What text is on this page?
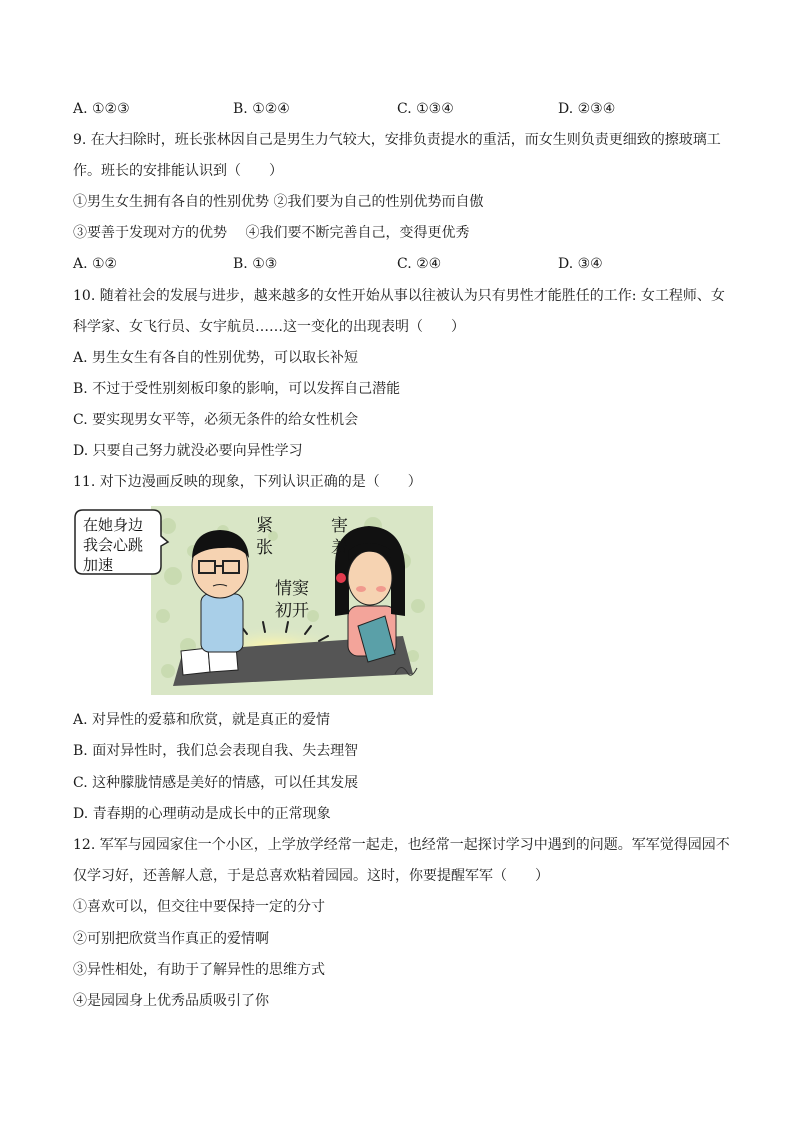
A. ①②③	B. ①②④	C. ①③④	D. ②③④
9. 在大扫除时，班长张林因自己是男生力气较大，安排负责提水的重活，而女生则负责更细致的擦玻璃工
作。班长的安排能认识到（　　）
①男生女生拥有各自的性别优势 ②我们要为自己的性别优势而自傲
③要善于发现对方的优势　 ④我们要不断完善自己，变得更优秀
A. ①②	B. ①③	C. ②④	D. ③④
10. 随着社会的发展与进步，越来越多的女性开始从事以往被认为只有男性才能胜任的工作: 女工程师、女
科学家、女飞行员、女宇航员……这一变化的出现表明（　　）
A. 男生女生有各自的性别优势，可以取长补短
B. 不过于受性别刻板印象的影响，可以发挥自己潜能
C. 要实现男女平等，必须无条件的给女性机会
D. 只要自己努力就没必要向异性学习
11. 对下边漫画反映的现象，下列认识正确的是（　　）
在她身边
我会心跳
加速
紧
张
害
羞
情窦
初开
A. 对异性的爱慕和欣赏，就是真正的爱情
B. 面对异性时，我们总会表现自我、失去理智
C. 这种朦胧情感是美好的情感，可以任其发展
D. 青春期的心理萌动是成长中的正常现象
12. 军军与园园家住一个小区，上学放学经常一起走，也经常一起探讨学习中遇到的问题。军军觉得园园不
仅学习好，还善解人意，于是总喜欢粘着园园。这时，你要提醒军军（　　）
①喜欢可以，但交往中要保持一定的分寸
②可别把欣赏当作真正的爱情啊
③异性相处，有助于了解异性的思维方式
④是园园身上优秀品质吸引了你
